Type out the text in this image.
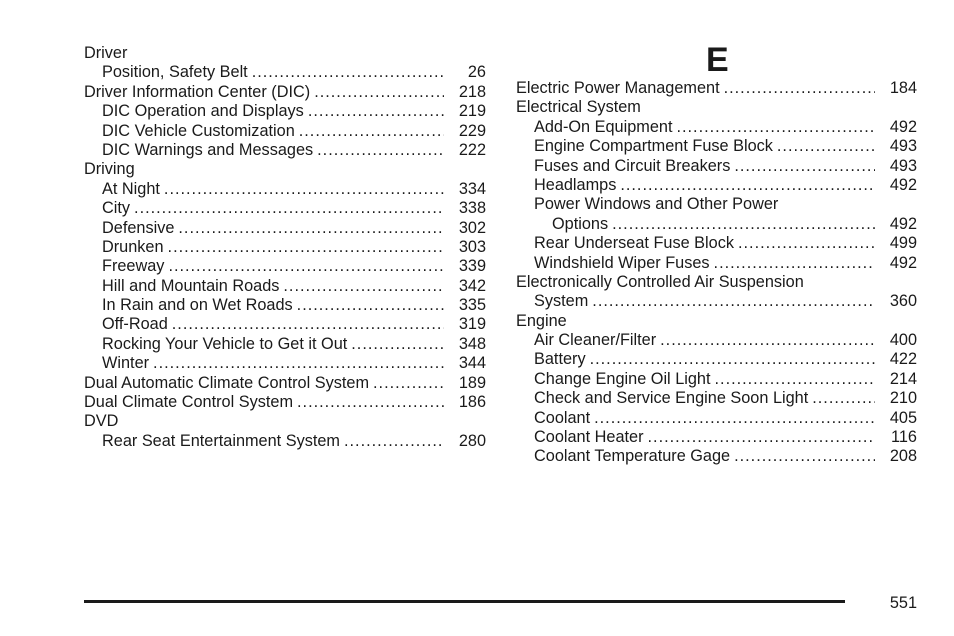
Driver
Position, Safety Belt .....	26
Driver Information Center (DIC) .....	218
DIC Operation and Displays .....	219
DIC Vehicle Customization .....	229
DIC Warnings and Messages .....	222
Driving
At Night .....	334
City .....	338
Defensive .....	302
Drunken .....	303
Freeway .....	339
Hill and Mountain Roads .....	342
In Rain and on Wet Roads .....	335
Off-Road .....	319
Rocking Your Vehicle to Get it Out .....	348
Winter .....	344
Dual Automatic Climate Control System .....	189
Dual Climate Control System .....	186
DVD
Rear Seat Entertainment System .....	280
E
Electric Power Management .....	184
Electrical System
Add-On Equipment .....	492
Engine Compartment Fuse Block .....	493
Fuses and Circuit Breakers .....	493
Headlamps .....	492
Power Windows and Other Power
Options .....	492
Rear Underseat Fuse Block .....	499
Windshield Wiper Fuses .....	492
Electronically Controlled Air Suspension
System .....	360
Engine
Air Cleaner/Filter .....	400
Battery .....	422
Change Engine Oil Light .....	214
Check and Service Engine Soon Light .....	210
Coolant .....	405
Coolant Heater .....	116
Coolant Temperature Gage .....	208
551
